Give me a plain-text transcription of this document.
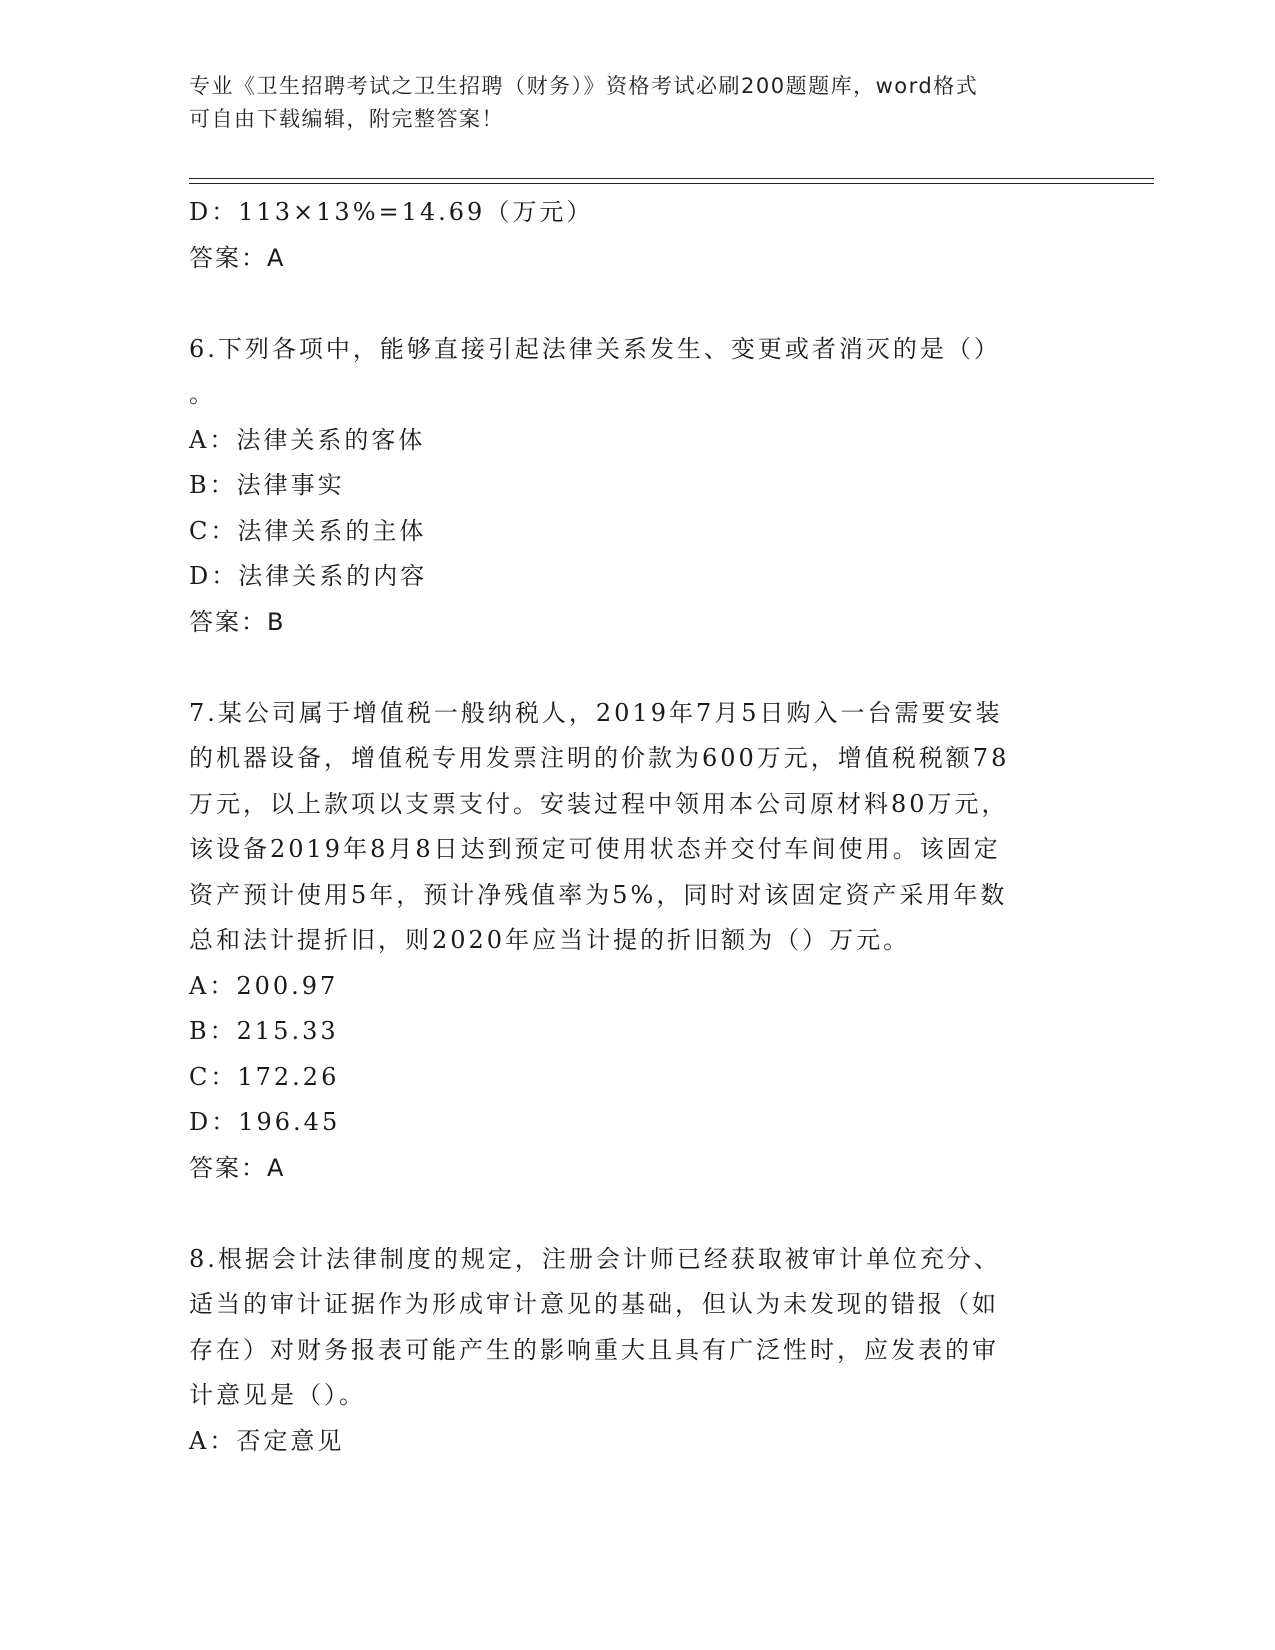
专业《卫生招聘考试之卫生招聘（财务）》资格考试必刷200题题库，word格式

可自由下载编辑，附完整答案！

D：113×13%=14.69（万元）
答案：A
6.下列各项中，能够直接引起法律关系发生、变更或者消灭的是（）
。
A：法律关系的客体
B：法律事实
C：法律关系的主体
D：法律关系的内容
答案：B
7.某公司属于增值税一般纳税人，2019年7月5日购入一台需要安装
的机器设备，增值税专用发票注明的价款为600万元，增值税税额78
万元，以上款项以支票支付。安装过程中领用本公司原材料80万元，
该设备2019年8月8日达到预定可使用状态并交付车间使用。该固定
资产预计使用5年，预计净残值率为5%，同时对该固定资产采用年数
总和法计提折旧，则2020年应当计提的折旧额为（）万元。
A：200.97
B：215.33
C：172.26
D：196.45
答案：A
8.根据会计法律制度的规定，注册会计师已经获取被审计单位充分、
适当的审计证据作为形成审计意见的基础，但认为未发现的错报（如
存在）对财务报表可能产生的影响重大且具有广泛性时，应发表的审
计意见是（）。
A：否定意见
